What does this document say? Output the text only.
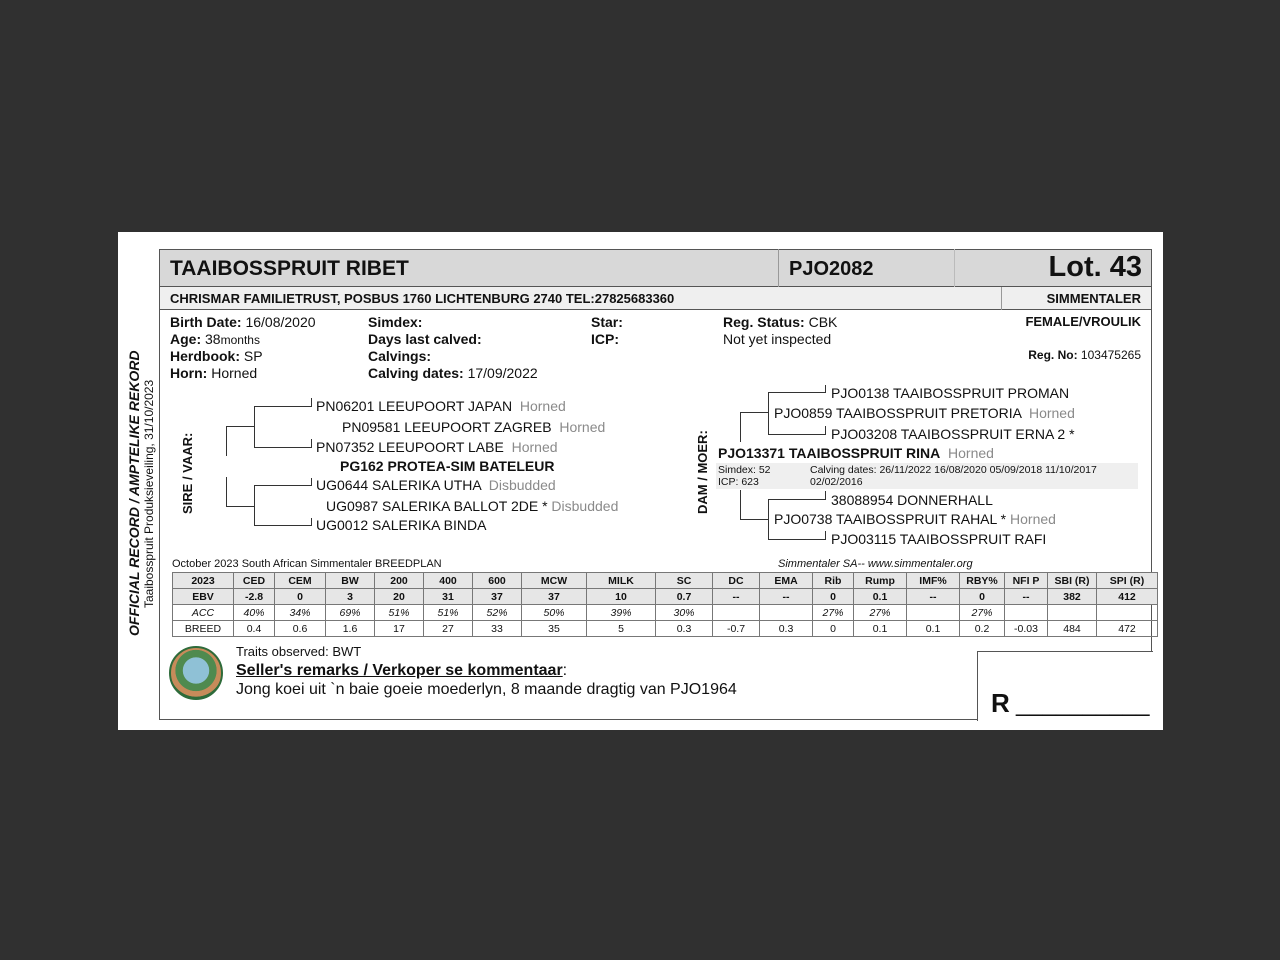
OFFICIAL RECORD / AMPTELIKE REKORD Taaibosspruit Produksieveiling, 31/10/2023
TAAIBOSSPRUIT RIBET	PJO2082	Lot. 43
CHRISMAR FAMILIETRUST, POSBUS 1760 LICHTENBURG 2740 TEL:27825683360	SIMMENTALER
Birth Date: 16/08/2020
Age: 38months
Herdbook: SP
Horn: Horned
Simdex:
Days last calved:
Calvings:
Calving dates: 17/09/2022
Star:
ICP:
Reg. Status: CBK
Not yet inspected
FEMALE/VROULIK
Reg. No: 103475265
SIRE / VAAR:
PN06201 LEEUPOORT JAPAN Horned
PN09581 LEEUPOORT ZAGREB Horned
PN07352 LEEUPOORT LABE Horned
PG162 PROTEA-SIM BATELEUR
UG0644 SALERIKA UTHA Disbudded
UG0987 SALERIKA BALLOT 2DE * Disbudded
UG0012 SALERIKA BINDA
DAM / MOER:
PJO0138 TAAIBOSSPRUIT PROMAN
PJO0859 TAAIBOSSPRUIT PRETORIA Horned
PJO03208 TAAIBOSSPRUIT ERNA 2 *
PJO13371 TAAIBOSSPRUIT RINA Horned
Simdex: 52
ICP: 623
Calving dates: 26/11/2022 16/08/2020 05/09/2018 11/10/2017
02/02/2016
38088954 DONNERHALL
PJO0738 TAAIBOSSPRUIT RAHAL * Horned
PJO03115 TAAIBOSSPRUIT RAFI
October 2023 South African Simmentaler BREEDPLAN	Simmentaler SA-- www.simmentaler.org
2023	CED	CEM	BW	200	400	600	MCW	MILK	SC	DC	EMA	Rib	Rump	IMF%	RBY%	NFI P	SBI (R)	SPI (R)
EBV	-2.8	0	3	20	31	37	37	10	0.7	--	--	0	0.1	--	0	--	382	412
ACC	40%	34%	69%	51%	51%	52%	50%	39%	30%			27%	27%		27%			
BREED	0.4	0.6	1.6	17	27	33	35	5	0.3	-0.7	0.3	0	0.1	0.1	0.2	-0.03	484	472
Traits observed: BWT
Seller's remarks / Verkoper se kommentaar:
Jong koei uit `n baie goeie moederlyn, 8 maande dragtig van PJO1964	R __________
